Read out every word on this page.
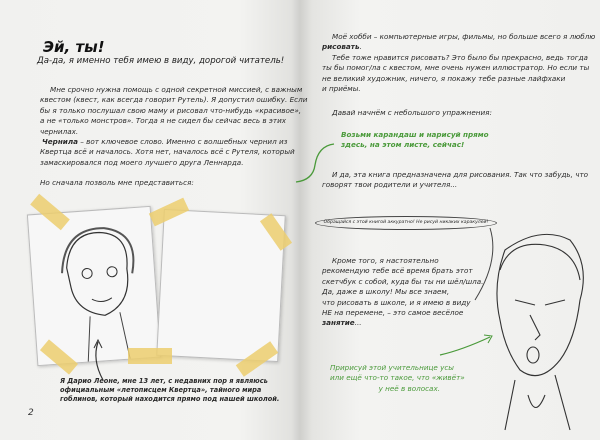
Эй, ты!
Да-да, я именно тебя имею в виду, дорогой читатель!
Мне срочно нужна помощь с одной секретной миссией, с важным
квестом (квест, как всегда говорит Рутель). Я допустил ошибку. Если
бы я только послушал свою маму и рисовал что-нибудь «красивое»,
а не «только монстров». Тогда я не сидел бы сейчас весь в этих
чернилах.
Чернила – вот ключевое слово. Именно с волшебных чернил из
Квертца всё и началось. Хотя нет, началось всё с Рутеля, который
замаскировался под моего лучшего друга Леннарда.
Но сначала позволь мне представиться:
Я Дарио Леоне, мне 13 лет, с недавних пор я являюсь
официальным «летописцем Квертца», тайного мира
гоблинов, который находится прямо под нашей школой.
2
Моё хобби – компьютерные игры, фильмы, но больше всего я люблю
рисовать.
Тебе тоже нравится рисовать? Это было бы прекрасно, ведь тогда
ты бы помог/ла с квестом, мне очень нужен иллюстратор. Но если ты
не великий художник, ничего, я покажу тебе разные лайфхаки
и приёмы.
Давай начнём с небольшого упражнения:
Возьми карандаш и нарисуй прямо
здесь, на этом листе, сейчас!
И да, эта книга предназначена для рисования. Так что забудь, что
говорят твои родители и учителя...
Обращайся с этой книгой аккуратно! Не рисуй никаких каракулей!
Кроме того, я настоятельно
рекомендую тебе всё время брать этот
скетчбук с собой, куда бы ты ни шёл/шла.
Да, даже в школу! Мы все знаем,
что рисовать в школе, и я имею в виду
НЕ на перемене, – это самое весёлое
занятие...
Пририсуй этой учительнице усы
или ещё что-то такое, что «живёт»
у неё в волосах.
